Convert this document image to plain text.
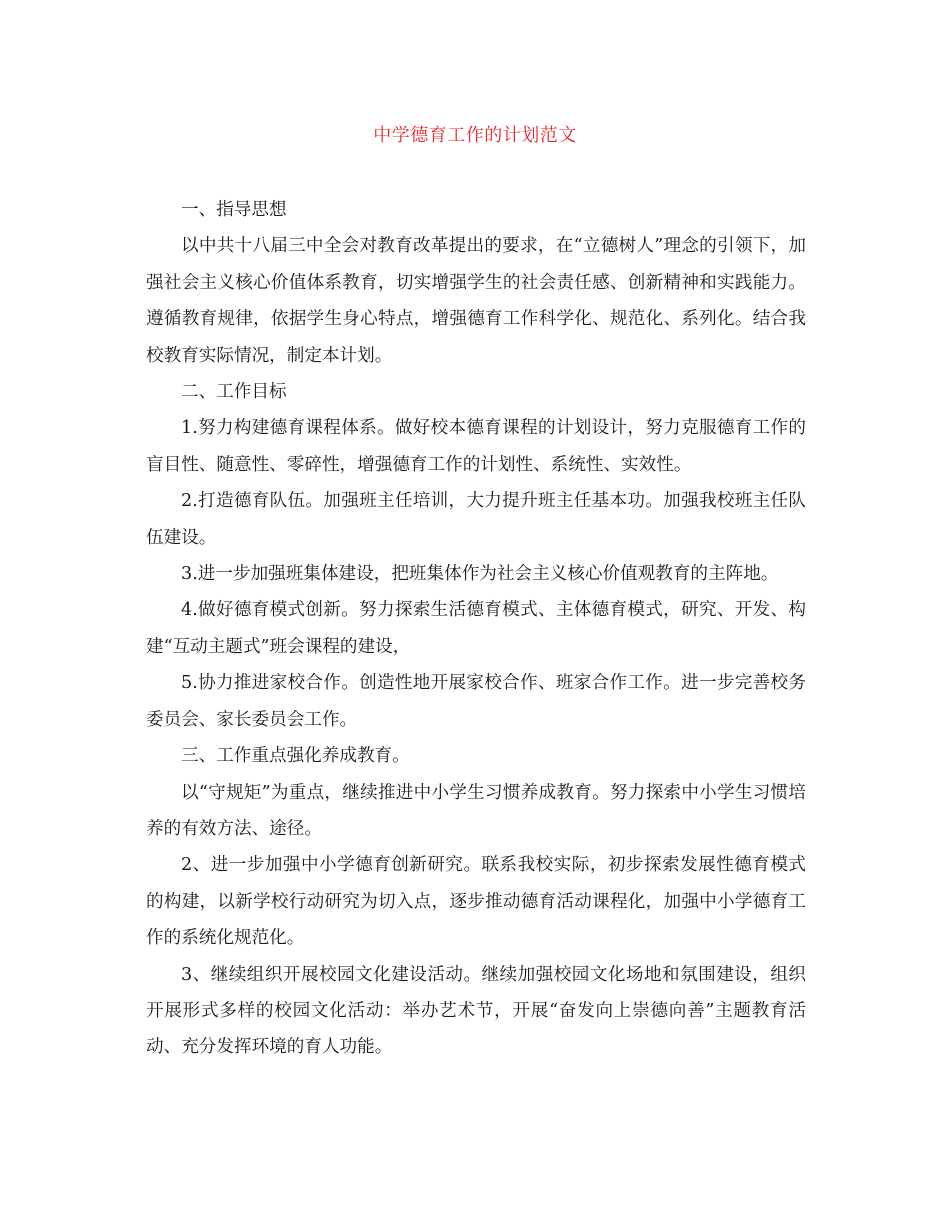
中学德育工作的计划范文

一、指导思想

以中共十八届三中全会对教育改革提出的要求，在“立德树人”理念的引领下，加强社会主义核心价值体系教育，切实增强学生的社会责任感、创新精神和实践能力。遵循教育规律，依据学生身心特点，增强德育工作科学化、规范化、系列化。结合我校教育实际情况，制定本计划。

二、工作目标

1.努力构建德育课程体系。做好校本德育课程的计划设计，努力克服德育工作的盲目性、随意性、零碎性，增强德育工作的计划性、系统性、实效性。

2.打造德育队伍。加强班主任培训，大力提升班主任基本功。加强我校班主任队伍建设。

3.进一步加强班集体建设，把班集体作为社会主义核心价值观教育的主阵地。

4.做好德育模式创新。努力探索生活德育模式、主体德育模式，研究、开发、构建“互动主题式”班会课程的建设，

5.协力推进家校合作。创造性地开展家校合作、班家合作工作。进一步完善校务委员会、家长委员会工作。

三、工作重点强化养成教育。

以“守规矩”为重点，继续推进中小学生习惯养成教育。努力探索中小学生习惯培养的有效方法、途径。

2、进一步加强中小学德育创新研究。联系我校实际，初步探索发展性德育模式的构建，以新学校行动研究为切入点，逐步推动德育活动课程化，加强中小学德育工作的系统化规范化。

3、继续组织开展校园文化建设活动。继续加强校园文化场地和氛围建设，组织开展形式多样的校园文化活动：举办艺术节，开展“奋发向上崇德向善”主题教育活动、充分发挥环境的育人功能。
